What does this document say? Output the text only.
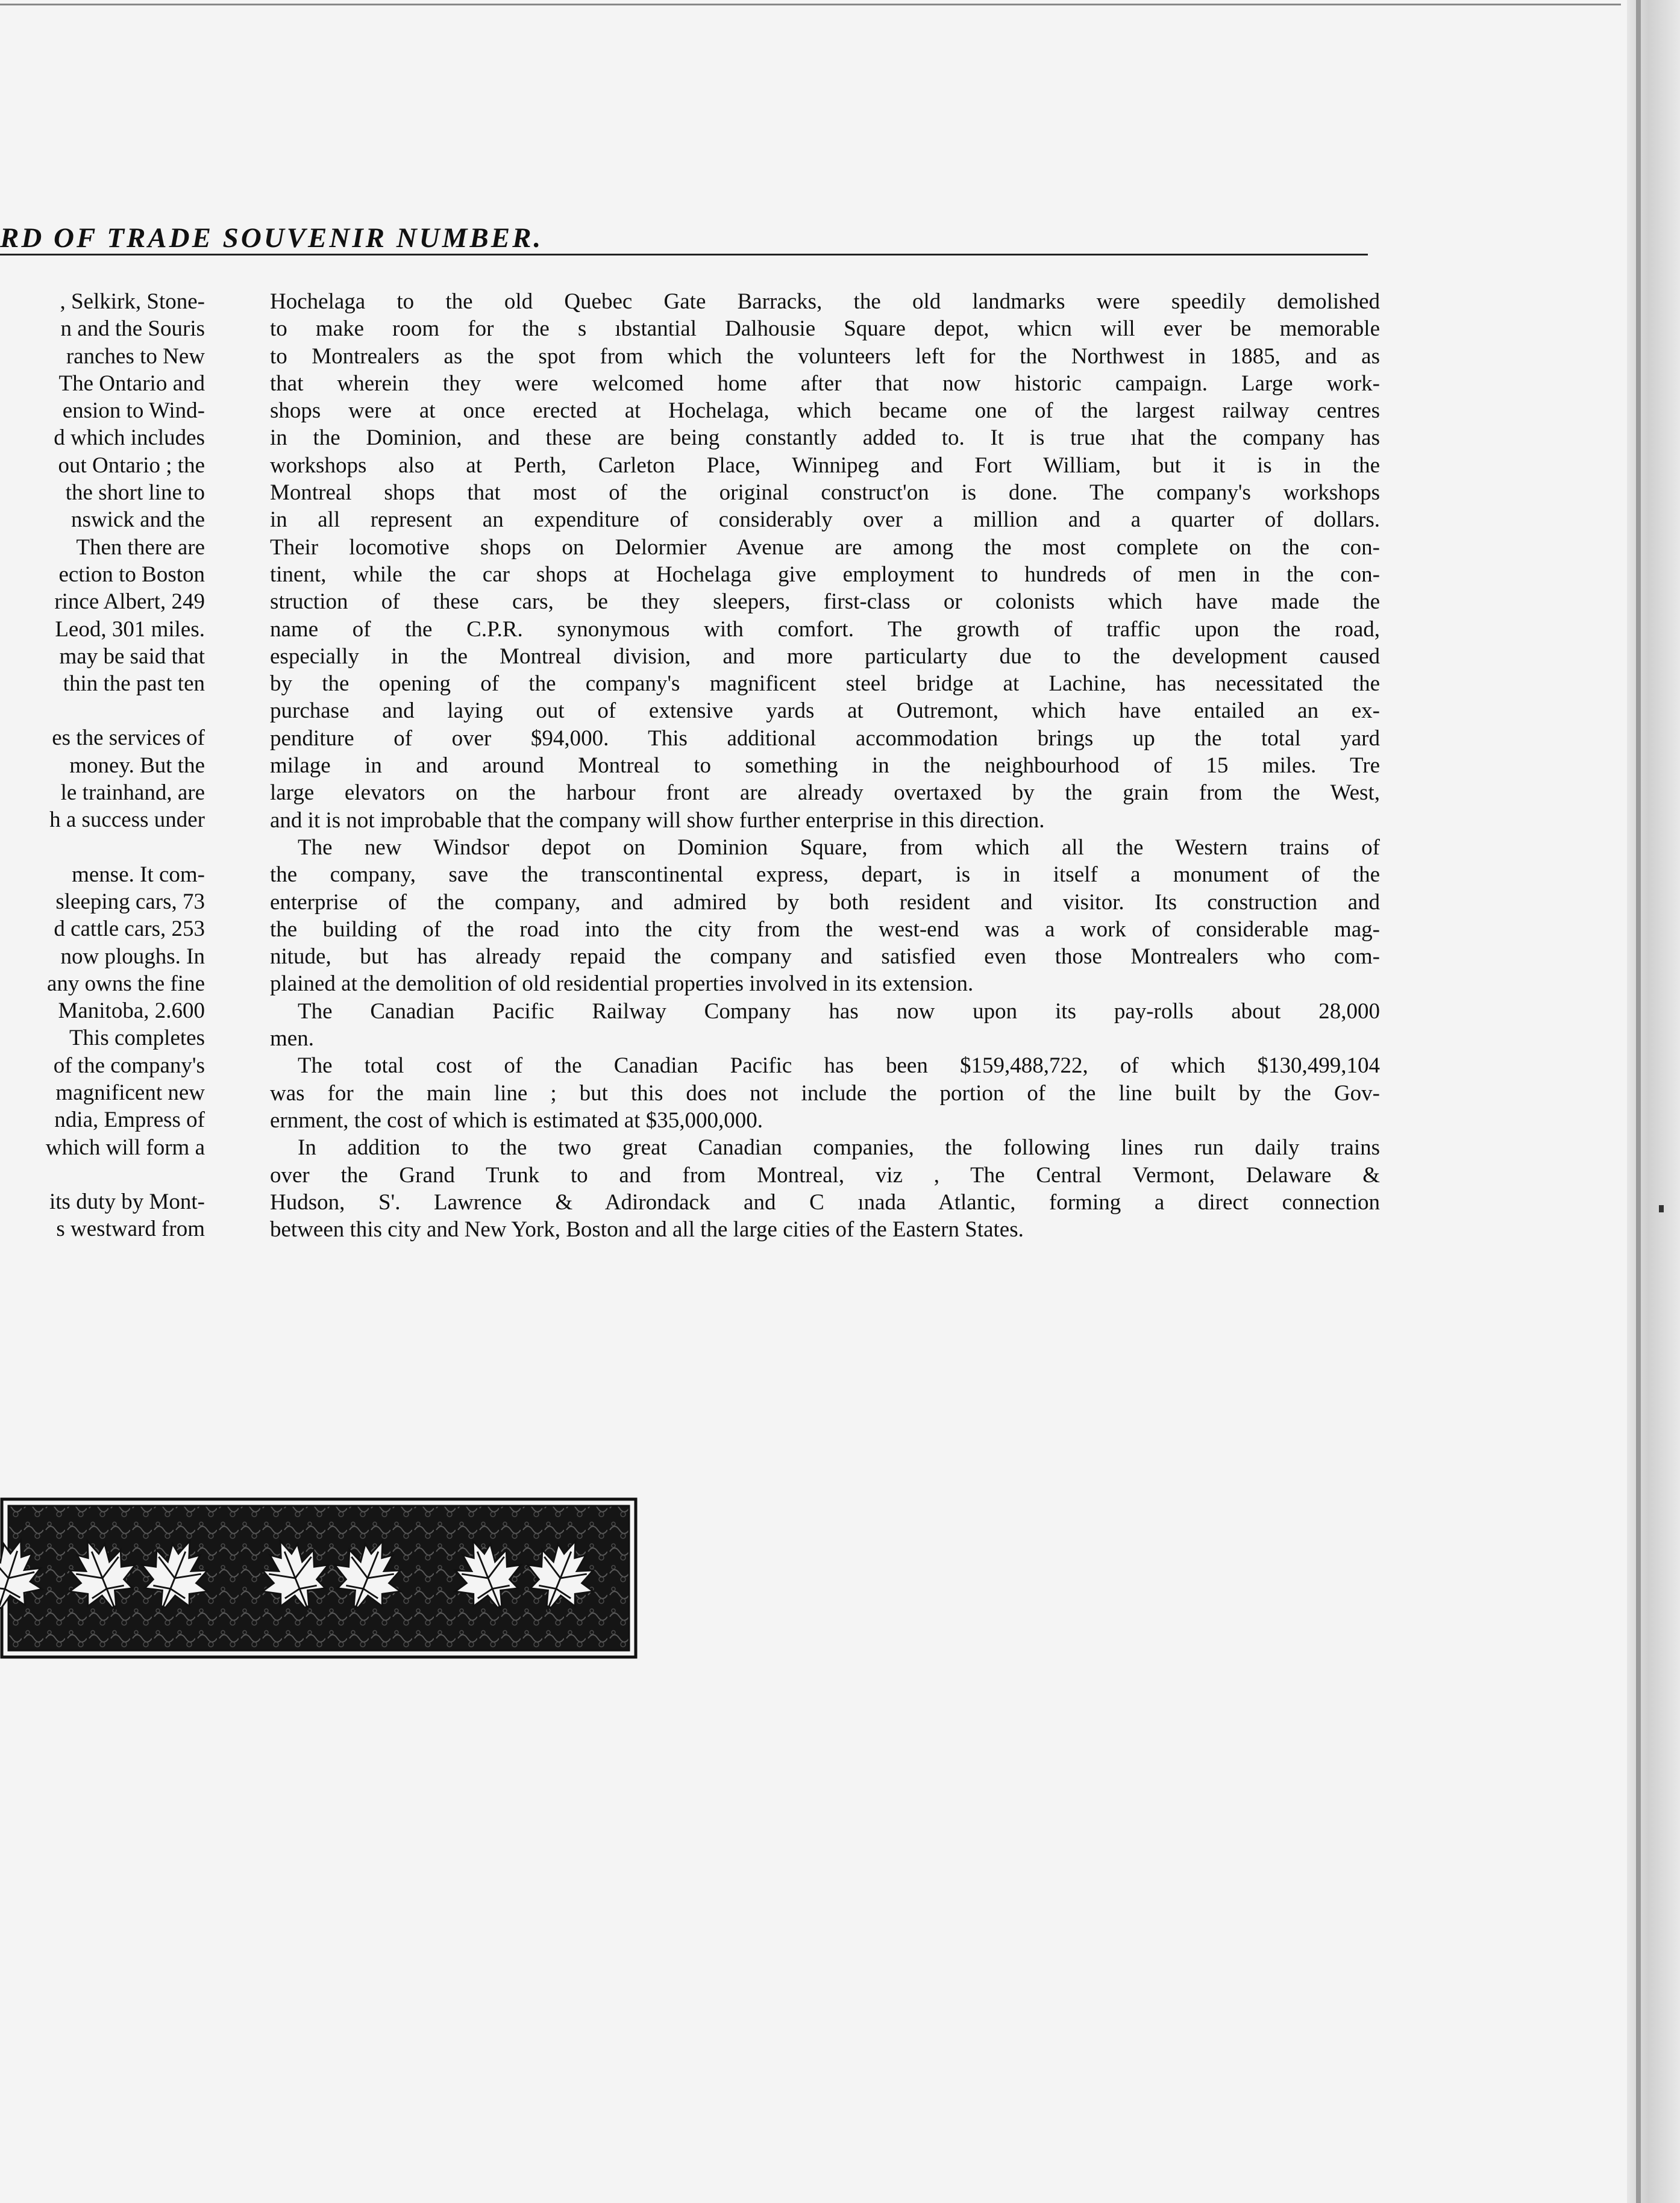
RD OF TRADE SOUVENIR NUMBER.
, Selkirk, Stone-
n and the Souris
ranches to New
The Ontario and
ension to Wind-
d which includes
out Ontario ; the
the short line to
nswick and the
Then there are
ection to Boston
rince Albert, 249
Leod, 301 miles.
may be said that
thin the past ten
es the services of
money. But the
le trainhand, are
h a success under
mense. It com-
sleeping cars, 73
d cattle cars, 253
now ploughs. In
any owns the fine
Manitoba, 2.600
This completes
of the company's
magnificent new
ndia, Empress of
which will form a
its duty by Mont-
s westward from
Hochelaga to the old Quebec Gate Barracks, the old landmarks were speedily demolished
to make room for the s ıbstantial Dalhousie Square depot, whicn will ever be memorable
to Montrealers as the spot from which the volunteers left for the Northwest in 1885, and as
that wherein they were welcomed home after that now historic campaign. Large work-
shops were at once erected at Hochelaga, which became one of the largest railway centres
in the Dominion, and these are being constantly added to. It is true ıhat the company has
workshops also at Perth, Carleton Place, Winnipeg and Fort William, but it is in the
Montreal shops that most of the original construct'on is done. The company's workshops
in all represent an expenditure of considerably over a million and a quarter of dollars.
Their locomotive shops on Delormier Avenue are among the most complete on the con-
tinent, while the car shops at Hochelaga give employment to hundreds of men in the con-
struction of these cars, be they sleepers, first-class or colonists which have made the
name of the C.P.R. synonymous with comfort. The growth of traffic upon the road,
especially in the Montreal division, and more particularty due to the development caused
by the opening of the company's magnificent steel bridge at Lachine, has necessitated the
purchase and laying out of extensive yards at Outremont, which have entailed an ex-
penditure of over $94,000. This additional accommodation brings up the total yard
milage in and around Montreal to something in the neighbourhood of 15 miles. Tre
large elevators on the harbour front are already overtaxed by the grain from the West,
and it is not improbable that the company will show further enterprise in this direction.
The new Windsor depot on Dominion Square, from which all the Western trains of
the company, save the transcontinental express, depart, is in itself a monument of the
enterprise of the company, and admired by both resident and visitor. Its construction and
the building of the road into the city from the west-end was a work of considerable mag-
nitude, but has already repaid the company and satisfied even those Montrealers who com-
plained at the demolition of old residential properties involved in its extension.
The Canadian Pacific Railway Company has now upon its pay-rolls about 28,000
men.
The total cost of the Canadian Pacific has been $159,488,722, of which $130,499,104
was for the main line ; but this does not include the portion of the line built by the Gov-
ernment, the cost of which is estimated at $35,000,000.
In addition to the two great Canadian companies, the following lines run daily trains
over the Grand Trunk to and from Montreal, viz , The Central Vermont, Delaware &
Hudson, S'. Lawrence & Adirondack and C ınada Atlantic, forming a direct connection
between this city and New York, Boston and all the large cities of the Eastern States.
